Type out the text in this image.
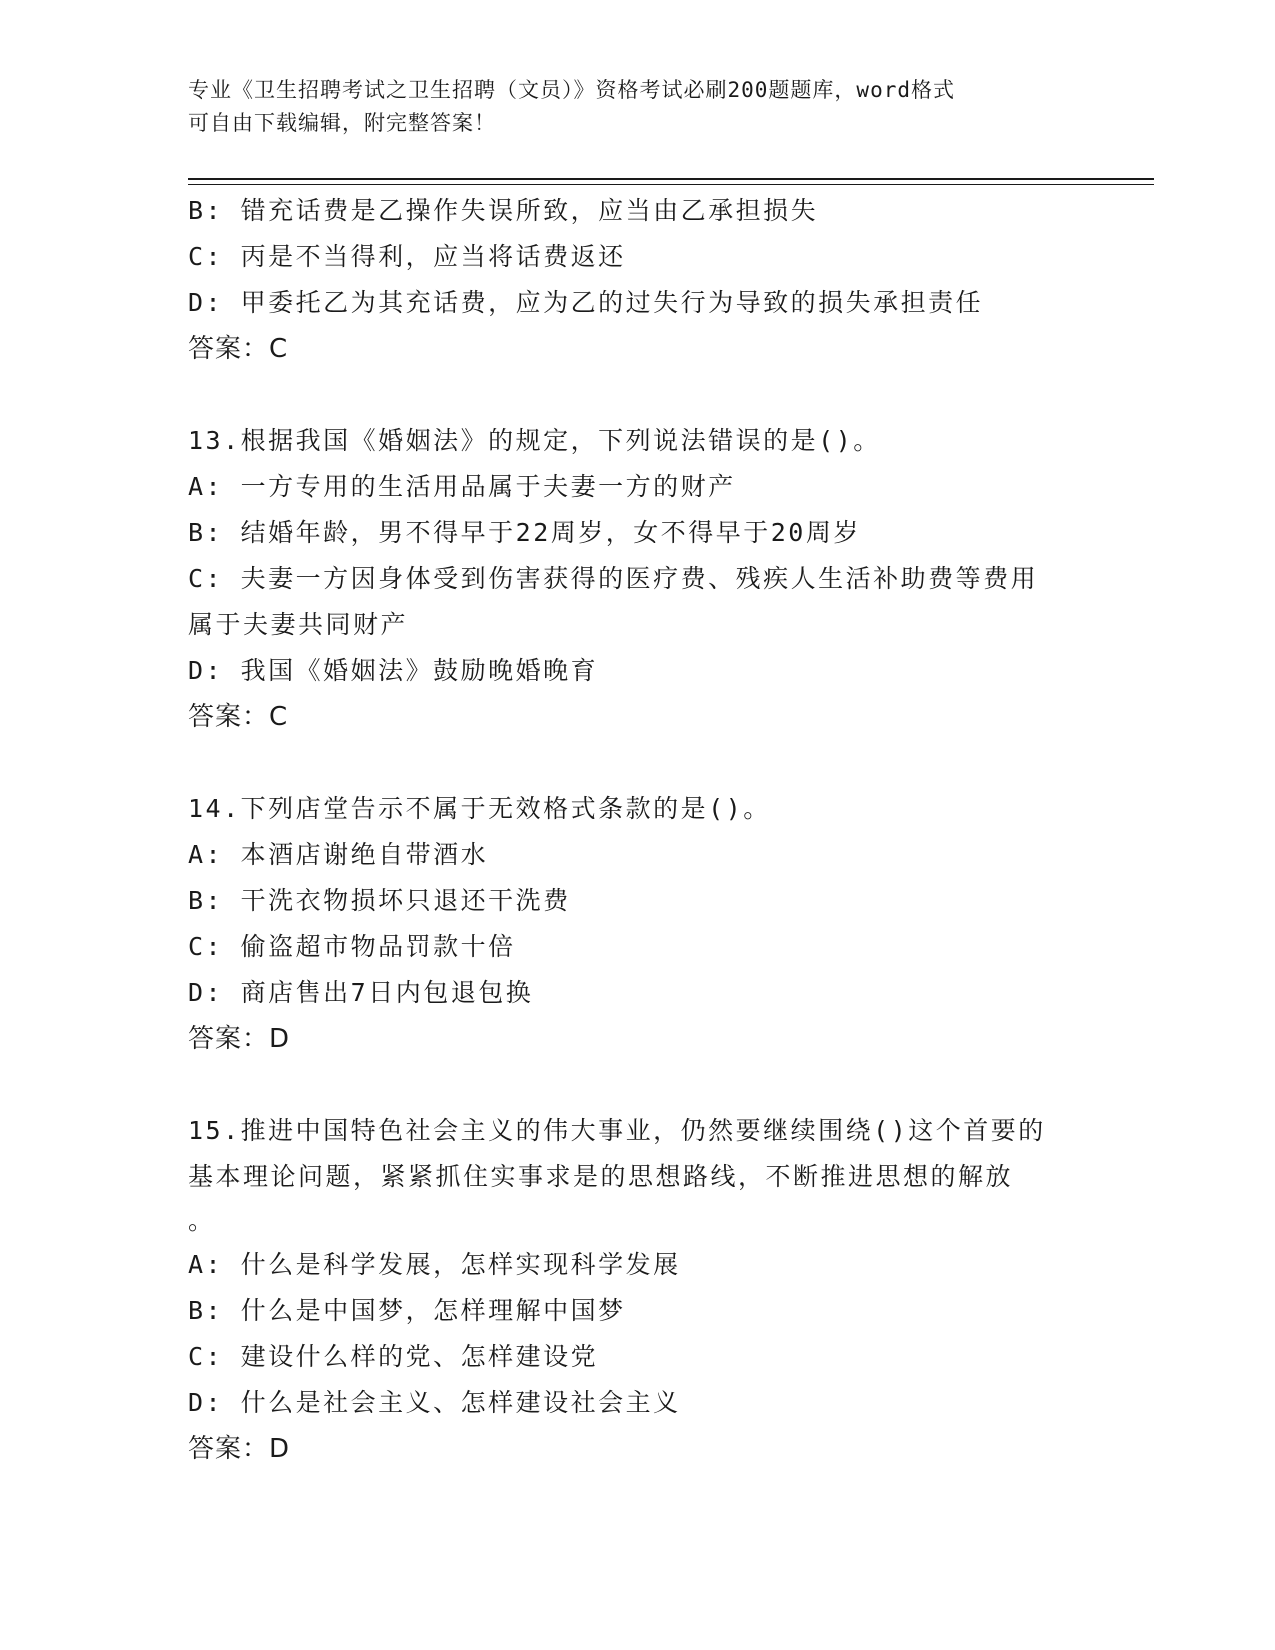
专业《卫生招聘考试之卫生招聘（文员）》资格考试必刷200题题库，word格式
可自由下载编辑，附完整答案！
B: 错充话费是乙操作失误所致，应当由乙承担损失
C: 丙是不当得利，应当将话费返还
D: 甲委托乙为其充话费，应为乙的过失行为导致的损失承担责任
答案：C
13.根据我国《婚姻法》的规定，下列说法错误的是()。
A: 一方专用的生活用品属于夫妻一方的财产
B: 结婚年龄，男不得早于22周岁，女不得早于20周岁
C: 夫妻一方因身体受到伤害获得的医疗费、残疾人生活补助费等费用
属于夫妻共同财产
D: 我国《婚姻法》鼓励晚婚晚育
答案：C
14.下列店堂告示不属于无效格式条款的是()。
A: 本酒店谢绝自带酒水
B: 干洗衣物损坏只退还干洗费
C: 偷盗超市物品罚款十倍
D: 商店售出7日内包退包换
答案：D
15.推进中国特色社会主义的伟大事业，仍然要继续围绕()这个首要的
基本理论问题，紧紧抓住实事求是的思想路线，不断推进思想的解放
。
A: 什么是科学发展，怎样实现科学发展
B: 什么是中国梦，怎样理解中国梦
C: 建设什么样的党、怎样建设党
D: 什么是社会主义、怎样建设社会主义
答案：D
